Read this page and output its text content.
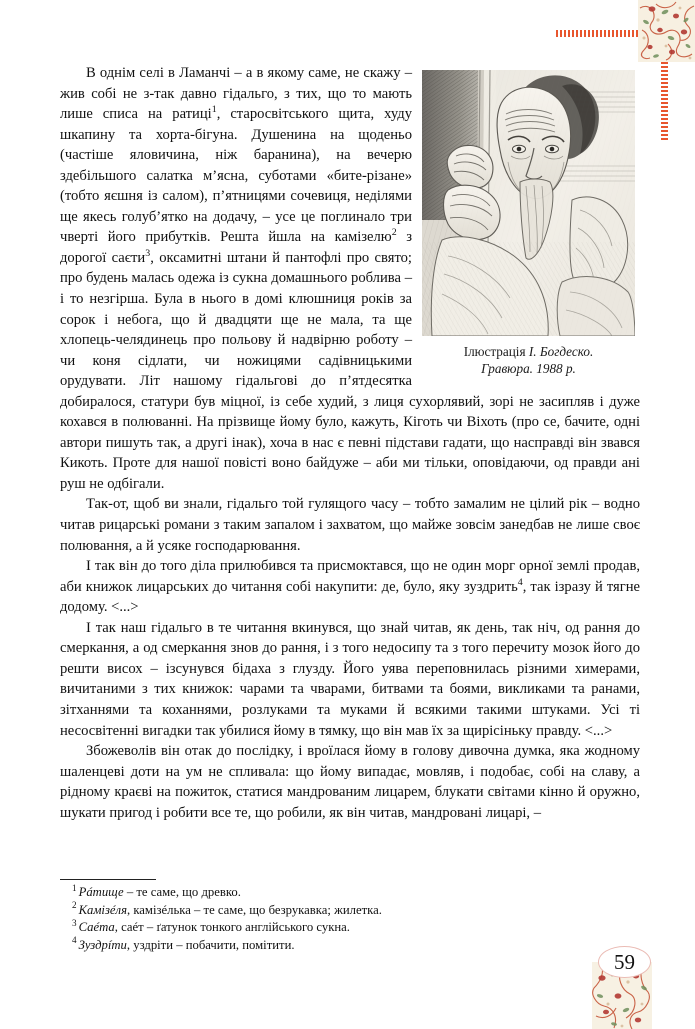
Ілюстрація І. Богдеско.
Гравюра. 1988 р.

В однім селі в Ламанчі – а в якому саме, не скажу – жив собі не з-так давно гідальго, з тих, що то мають лише списа на ратиці$^1$, старосвітського щита, худу шкапину та хорта-бігуна. Душенина на щоденьo (частіше яловичина, ніж баранина), на вечерю здебільшого салатка м’ясна, суботами «бите-різане» (тобто яєшня із салом), п’ятницями сочевиця, неділями ще якесь голуб’ятко на додачу, – усе це поглинало три чверті його прибутків. Решта йшла на камізелю$^2$ з дорогої саєти$^3$, оксамитні штани й пантофлі про свято; про будень малась одежа із сукна домашнього роблива – і то незгірша. Була в нього в домі клюшниця років за сорок і небога, що й двадцяти ще не мала, та ще хлопець-челядинець про польову й надвірню роботу – чи коня сідлати, чи ножицями садівницькими орудувати. Літ нашому гідальгові до п’ятдесятка добиралося, статури був міцної, із себе худий, з лиця сухорлявий, зорі не засипляв і дуже кохався в полюванні. На прізвище йому було, кажуть, Кіготь чи Віхоть (про се, бачите, одні автори пишуть так, а другі інак), хоча в нас є певні підстави гадати, що насправді він звався Кикоть. Проте для нашої повісті воно байдуже – аби ми тільки, оповідаючи, од правди ані руш не одбігали.

Так-от, щоб ви знали, гідальго той гулящого часу – тобто замалим не цілий рік – водно читав рицарські романи з таким запалом і захватом, що майже зовсім занедбав не лише своє полювання, а й усяке господарювання.

І так він до того діла прилюбився та присмоктався, що не один морг орної землі продав, аби книжок лицарських до читання собі накупити: де, було, яку зуздрить$^4$, так ізразу й тягне додому. <...>

І так наш гідальго в те читання вкинувся, що знай читав, як день, так ніч, од рання до смеркання, а од смеркання знов до рання, і з того недосипу та з того перечиту мозок його до решти висох – ізсунувся бідаха з глузду. Його уява переповнилась різними химерами, вичитаними з тих книжок: чарами та чварами, битвами та боями, викликами та ранами, зітханнями та коханнями, розлуками та муками й всякими такими штуками. Усі ті несосвітенні вигадки так убилися йому в тямку, що він мав їх за щирісіньку правду. <...>

Збожеволів він отак до послідку, і вроїлася йому в голову дивочна думка, яка жодному шаленцеві доти на ум не спливала: що йому випадає, мовляв, і подобає, собі на славу, а рідному краєві на пожиток, статися мандрованим лицарем, блукати світами кінно й оружно, шукати пригод і робити все те, що робили, як він читав, мандровані лицарі, –

$^1$ Рáтище – те саме, що древко.
$^2$ Камізéля, камізéлька – те саме, що безрукавка; жилетка.
$^3$ Саéта, саéт – ґатунок тонкого англійського сукна.
$^4$ Зуздрíти, уздріти – побачити, помітити.
59
